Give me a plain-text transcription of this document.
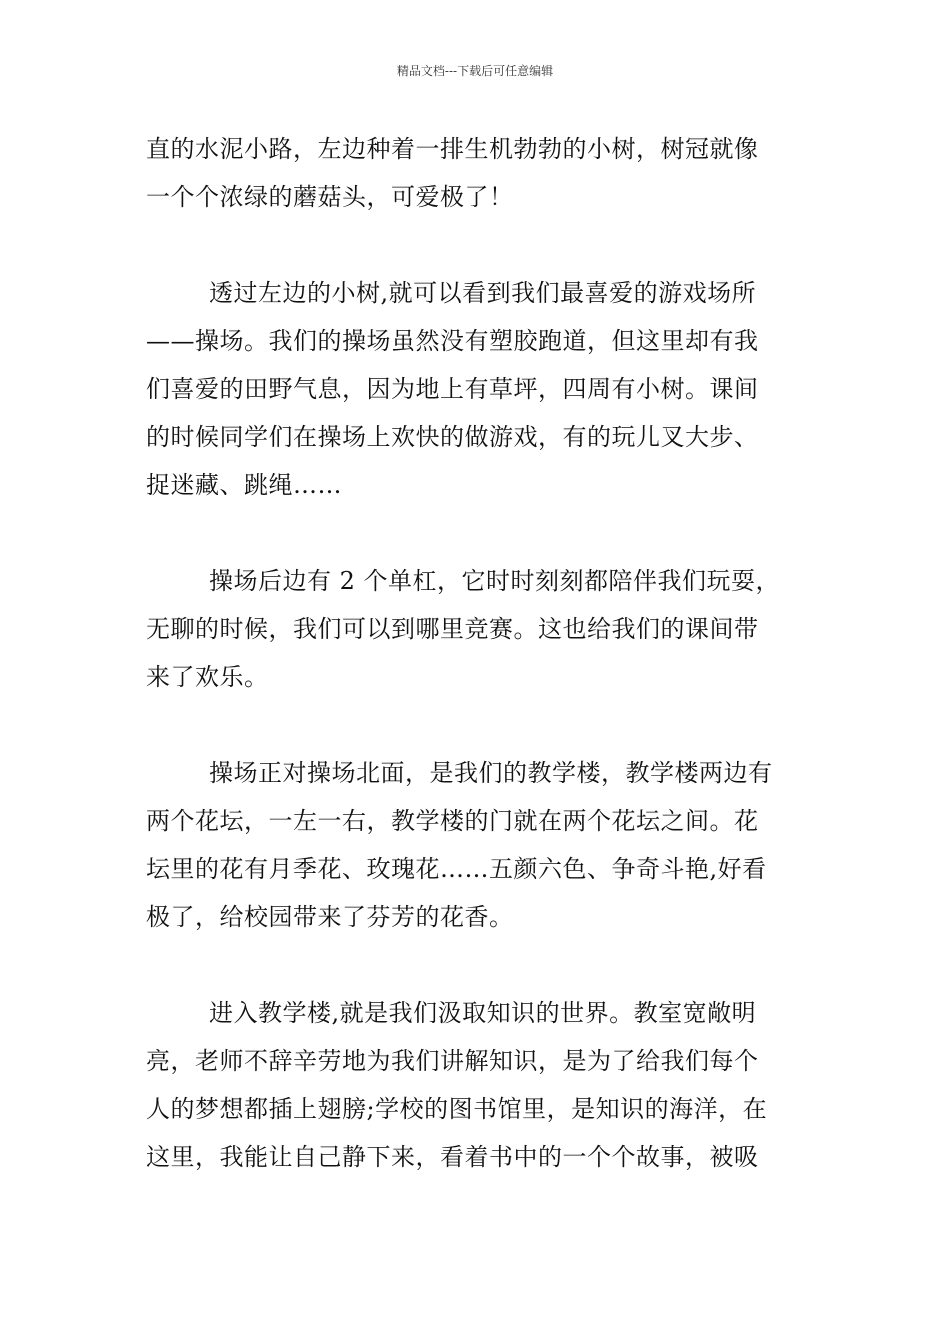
精品文档---下载后可任意编辑
直的水泥小路，左边种着一排生机勃勃的小树，树冠就像
一个个浓绿的蘑菇头，可爱极了！
透过左边的小树,就可以看到我们最喜爱的游戏场所
——操场。我们的操场虽然没有塑胶跑道，但这里却有我
们喜爱的田野气息，因为地上有草坪，四周有小树。课间
的时候同学们在操场上欢快的做游戏，有的玩儿叉大步、
捉迷藏、跳绳……
操场后边有 2 个单杠，它时时刻刻都陪伴我们玩耍，
无聊的时候，我们可以到哪里竞赛。这也给我们的课间带
来了欢乐。
操场正对操场北面，是我们的教学楼，教学楼两边有
两个花坛，一左一右，教学楼的门就在两个花坛之间。花
坛里的花有月季花、玫瑰花……五颜六色、争奇斗艳,好看
极了，给校园带来了芬芳的花香。
进入教学楼,就是我们汲取知识的世界。教室宽敞明
亮，老师不辞辛劳地为我们讲解知识，是为了给我们每个
人的梦想都插上翅膀;学校的图书馆里，是知识的海洋，在
这里，我能让自己静下来，看着书中的一个个故事，被吸
